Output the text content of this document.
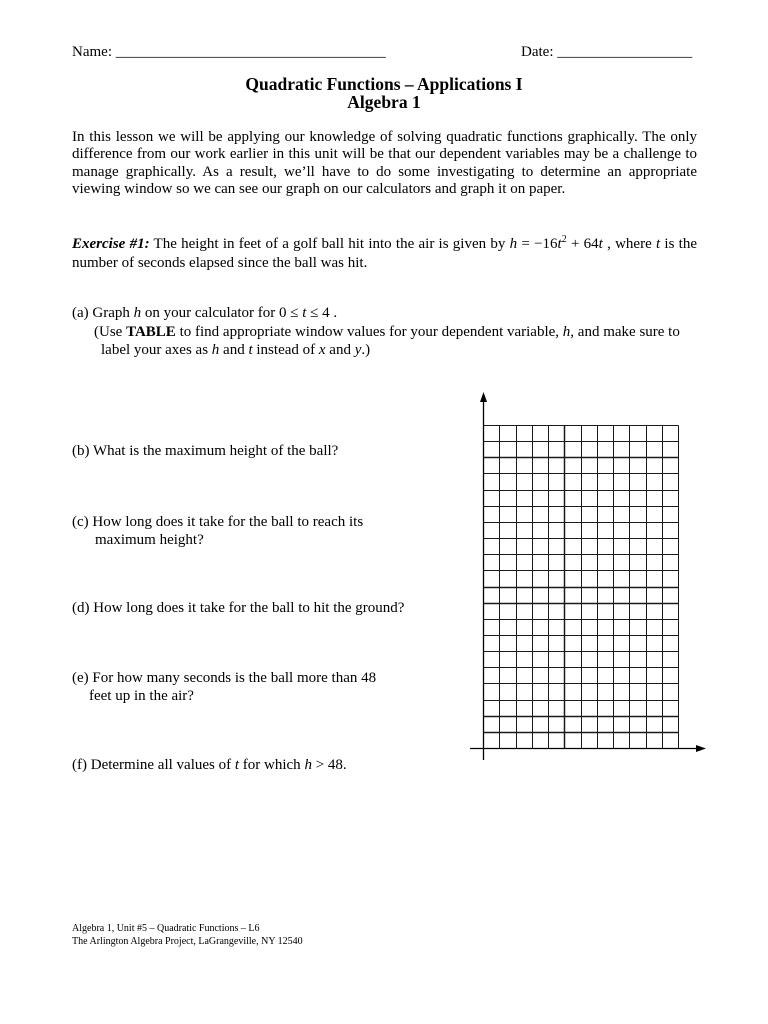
Name: ____________________________________	Date: __________________
Quadratic Functions – Applications I
Algebra 1
In this lesson we will be applying our knowledge of solving quadratic functions graphically. The only
difference from our work earlier in this unit will be that our dependent variables may be a challenge to
manage graphically. As a result, we’ll have to do some investigating to determine an appropriate
viewing window so we can see our graph on our calculators and graph it on paper.
Exercise #1: The height in feet of a golf ball hit into the air is given by $h = -16t^2 + 64t$ , where t is the
number of seconds elapsed since the ball was hit.
(a) Graph h on your calculator for 0 ≤ t ≤ 4 .
(Use TABLE to find appropriate window values for your dependent variable, h, and make sure to
label your axes as h and t instead of x and y.)
(b) What is the maximum height of the ball?
(c) How long does it take for the ball to reach its
maximum height?
(d) How long does it take for the ball to hit the ground?
(e) For how many seconds is the ball more than 48
feet up in the air?
(f) Determine all values of t for which h > 48.
Algebra 1, Unit #5 – Quadratic Functions – L6
The Arlington Algebra Project, LaGrangeville, NY 12540
